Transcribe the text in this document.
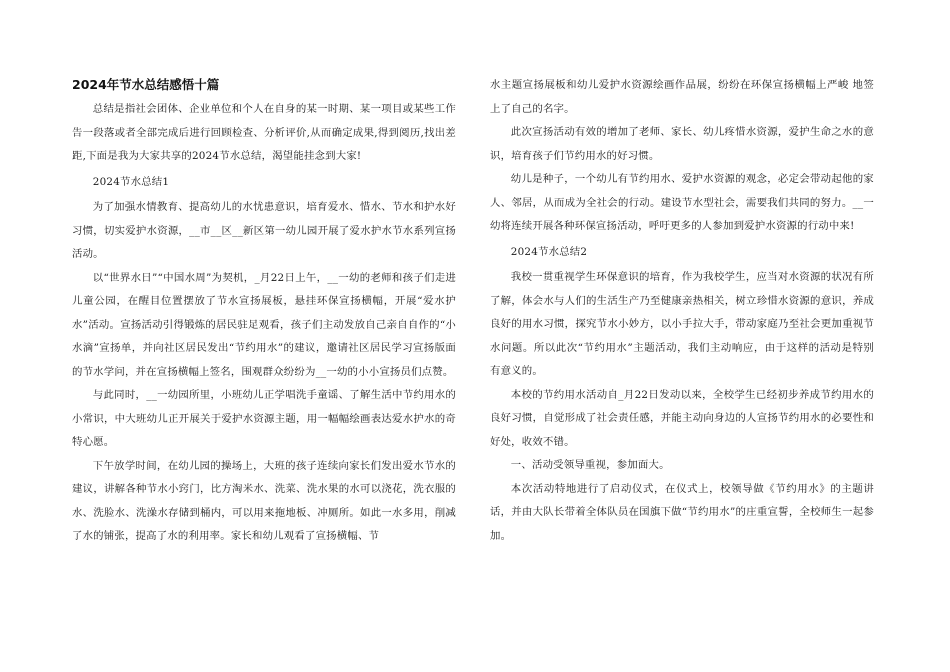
2024年节水总结感悟十篇

总结是指社会团体、企业单位和个人在自身的某一时期、某一项目或某些工作告一段落或者全部完成后进行回顾检查、分析评价,从而确定成果,得到阅历,找出差距,下面是我为大家共享的2024节水总结，渴望能挂念到大家!

2024节水总结1

为了加强水情教育、提高幼儿的水忧患意识，培育爱水、惜水、节水和护水好习惯，切实爱护水资源，__市__区__新区第一幼儿园开展了爱水护水节水系列宣扬活动。

以“世界水日”“中国水周”为契机，_月22日上午，__一幼的老师和孩子们走进儿童公园，在醒目位置摆放了节水宣扬展板，悬挂环保宣扬横幅，开展“爱水护水”活动。宣扬活动引得锻炼的居民驻足观看，孩子们主动发放自己亲自自作的“小水滴”宣扬单，并向社区居民发出“节约用水”的建议，邀请社区居民学习宣扬版面的节水学问，并在宣扬横幅上签名，围观群众纷纷为__一幼的小小宣扬员们点赞。

与此同时，__一幼园所里，小班幼儿正学唱洗手童谣、了解生活中节约用水的小常识，中大班幼儿正开展关于爱护水资源主题，用一幅幅绘画表达爱水护水的奇特心愿。

下午放学时间，在幼儿园的操场上，大班的孩子连续向家长们发出爱水节水的建议，讲解各种节水小窍门，比方淘米水、洗菜、洗水果的水可以浇花，洗衣服的水、洗脸水、洗澡水存储到桶内，可以用来拖地板、冲厕所。如此一水多用，削减了水的铺张，提高了水的利用率。家长和幼儿观看了宣扬横幅、节

水主题宣扬展板和幼儿爱护水资源绘画作品展，纷纷在环保宣扬横幅上严峻 地签上了自己的名字。

此次宣扬活动有效的增加了老师、家长、幼儿疼惜水资源，爱护生命之水的意识，培育孩子们节约用水的好习惯。

幼儿是种子，一个幼儿有节约用水、爱护水资源的观念，必定会带动起他的家人、邻居，从而成为全社会的行动。建设节水型社会，需要我们共同的努力。__一幼将连续开展各种环保宣扬活动，呼吁更多的人参加到爱护水资源的行动中来!

2024节水总结2

我校一贯重视学生环保意识的培育，作为我校学生，应当对水资源的状况有所了解，体会水与人们的生活生产乃至健康亲热相关，树立珍惜水资源的意识，养成良好的用水习惯，探究节水小妙方，以小手拉大手，带动家庭乃至社会更加重视节水问题。所以此次“节约用水”主题活动，我们主动响应，由于这样的活动是特别　　有意义的。

本校的节约用水活动自_月22日发动以来，全校学生已经初步养成节约用水的良好习惯，自觉形成了社会责任感，并能主动向身边的人宣扬节约用水的必要性和好处，收效不错。

一、活动受领导重视，参加面大。

本次活动特地进行了启动仪式，在仪式上，校领导做《节约用水》的主题讲话，并由大队长带着全体队员在国旗下做“节约用水”的庄重宣誓，全校师生一起参加。
